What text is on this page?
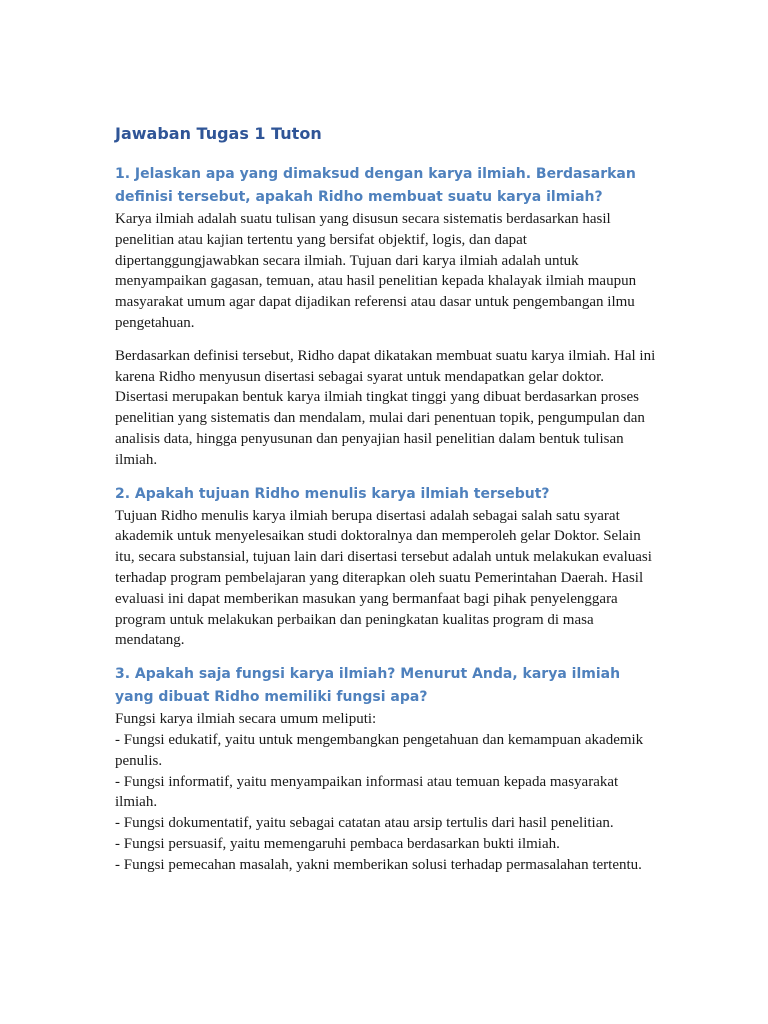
Jawaban Tugas 1 Tuton
1. Jelaskan apa yang dimaksud dengan karya ilmiah. Berdasarkan definisi tersebut, apakah Ridho membuat suatu karya ilmiah?

Karya ilmiah adalah suatu tulisan yang disusun secara sistematis berdasarkan hasil penelitian atau kajian tertentu yang bersifat objektif, logis, dan dapat dipertanggungjawabkan secara ilmiah. Tujuan dari karya ilmiah adalah untuk menyampaikan gagasan, temuan, atau hasil penelitian kepada khalayak ilmiah maupun masyarakat umum agar dapat dijadikan referensi atau dasar untuk pengembangan ilmu pengetahuan.

Berdasarkan definisi tersebut, Ridho dapat dikatakan membuat suatu karya ilmiah. Hal ini karena Ridho menyusun disertasi sebagai syarat untuk mendapatkan gelar doktor. Disertasi merupakan bentuk karya ilmiah tingkat tinggi yang dibuat berdasarkan proses penelitian yang sistematis dan mendalam, mulai dari penentuan topik, pengumpulan dan analisis data, hingga penyusunan dan penyajian hasil penelitian dalam bentuk tulisan ilmiah.

2. Apakah tujuan Ridho menulis karya ilmiah tersebut?

Tujuan Ridho menulis karya ilmiah berupa disertasi adalah sebagai salah satu syarat akademik untuk menyelesaikan studi doktoralnya dan memperoleh gelar Doktor. Selain itu, secara substansial, tujuan lain dari disertasi tersebut adalah untuk melakukan evaluasi terhadap program pembelajaran yang diterapkan oleh suatu Pemerintahan Daerah. Hasil evaluasi ini dapat memberikan masukan yang bermanfaat bagi pihak penyelenggara program untuk melakukan perbaikan dan peningkatan kualitas program di masa mendatang.

3. Apakah saja fungsi karya ilmiah? Menurut Anda, karya ilmiah yang dibuat Ridho memiliki fungsi apa?

Fungsi karya ilmiah secara umum meliputi:

- Fungsi edukatif, yaitu untuk mengembangkan pengetahuan dan kemampuan akademik penulis.

- Fungsi informatif, yaitu menyampaikan informasi atau temuan kepada masyarakat ilmiah.

- Fungsi dokumentatif, yaitu sebagai catatan atau arsip tertulis dari hasil penelitian.

- Fungsi persuasif, yaitu memengaruhi pembaca berdasarkan bukti ilmiah.

- Fungsi pemecahan masalah, yakni memberikan solusi terhadap permasalahan tertentu.
